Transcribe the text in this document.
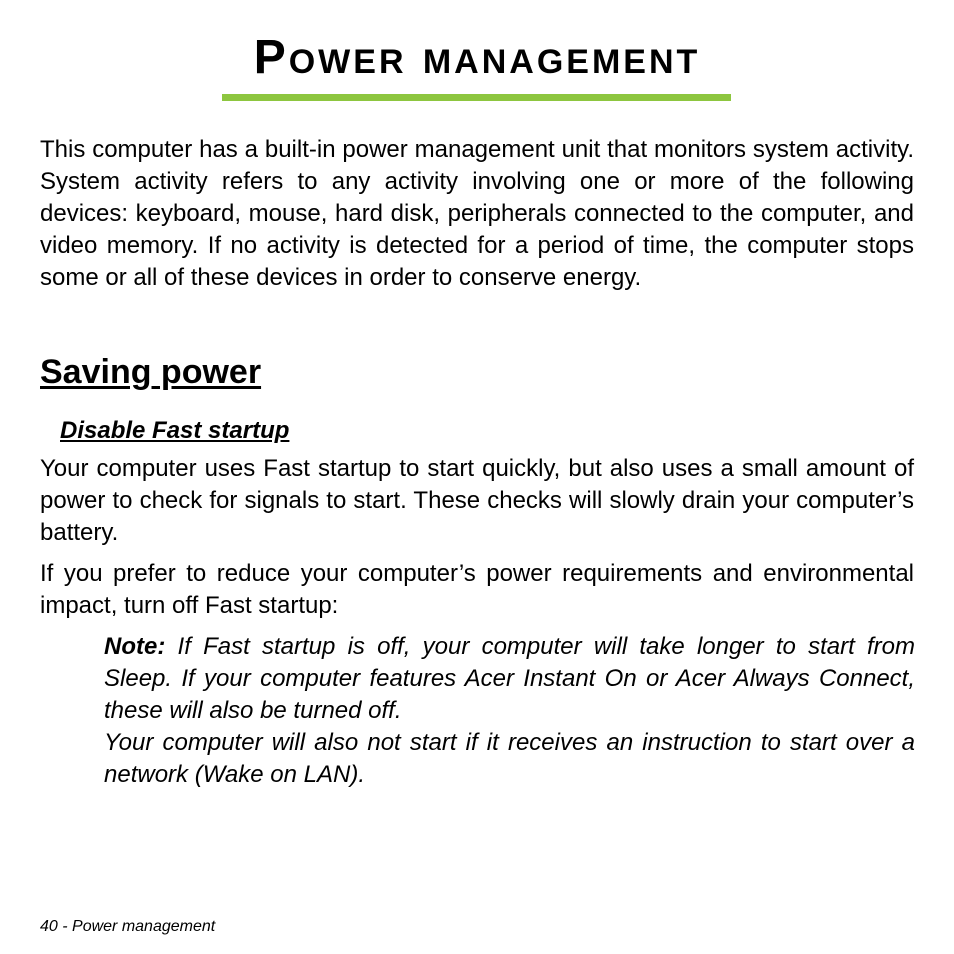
Power management

This computer has a built-in power management unit that monitors system activity. System activity refers to any activity involving one or more of the following devices: keyboard, mouse, hard disk, peripherals connected to the computer, and video memory. If no activity is detected for a period of time, the computer stops some or all of these devices in order to conserve energy.

Saving power
Disable Fast startup

Your computer uses Fast startup to start quickly, but also uses a small amount of power to check for signals to start. These checks will slowly drain your computer’s battery.

If you prefer to reduce your computer’s power requirements and environmental impact, turn off Fast startup:

Note: If Fast startup is off, your computer will take longer to start from Sleep. If your computer features Acer Instant On or Acer Always Connect, these will also be turned off.

Your computer will also not start if it receives an instruction to start over a network (Wake on LAN).

40 - Power management
